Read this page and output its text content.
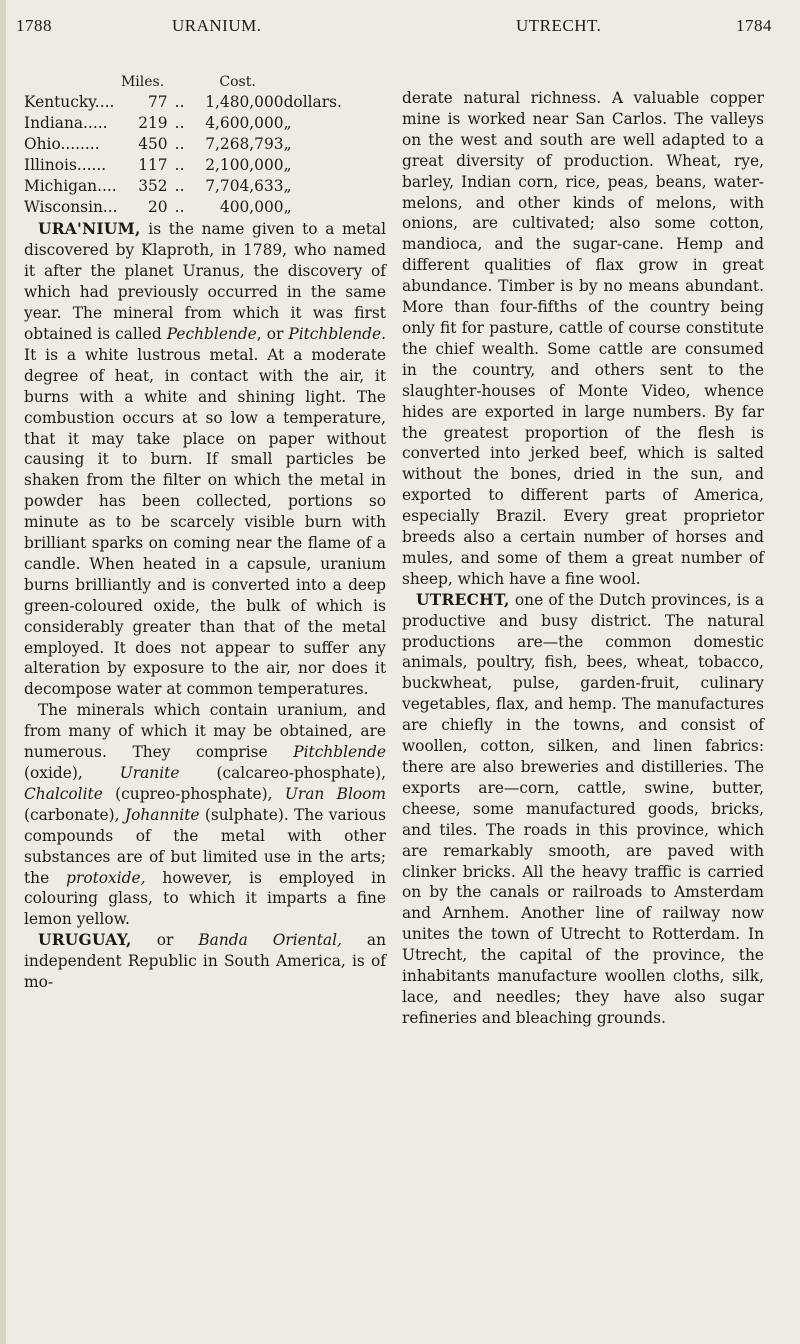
1788	URANIUM.	UTRECHT.	1784
	Miles.		Cost.	
Kentucky....	77	..	1,480,000	dollars.
Indiana.....	219	..	4,600,000	„
Ohio........	450	..	7,268,793	„
Illinois......	117	..	2,100,000	„
Michigan....	352	..	7,704,633	„
Wisconsin...	20	..	400,000	„

URA'NIUM, is the name given to a metal discovered by Klaproth, in 1789, who named it after the planet Uranus, the discovery of which had previously occurred in the same year. The mineral from which it was first obtained is called Pechblende, or Pitchblende. It is a white lustrous metal. At a moderate degree of heat, in contact with the air, it burns with a white and shining light. The combustion occurs at so low a temperature, that it may take place on paper without causing it to burn. If small particles be shaken from the filter on which the metal in powder has been collected, portions so minute as to be scarcely visible burn with brilliant sparks on coming near the flame of a candle. When heated in a capsule, uranium burns brilliantly and is converted into a deep green-coloured oxide, the bulk of which is considerably greater than that of the metal employed. It does not appear to suffer any alteration by exposure to the air, nor does it decompose water at common temperatures.

The minerals which contain uranium, and from many of which it may be obtained, are numerous. They comprise Pitchblende (oxide), Uranite (calcareo-phosphate), Chalcolite (cupreo-phosphate), Uran Bloom (carbonate), Johannite (sulphate). The various compounds of the metal with other substances are of but limited use in the arts; the protoxide, however, is employed in colouring glass, to which it imparts a fine lemon yellow.

URUGUAY, or Banda Oriental, an independent Republic in South America, is of mo-

derate natural richness. A valuable copper mine is worked near San Carlos. The valleys on the west and south are well adapted to a great diversity of production. Wheat, rye, barley, Indian corn, rice, peas, beans, water-melons, and other kinds of melons, with onions, are cultivated; also some cotton, mandioca, and the sugar-cane. Hemp and different qualities of flax grow in great abundance. Timber is by no means abundant. More than four-fifths of the country being only fit for pasture, cattle of course constitute the chief wealth. Some cattle are consumed in the country, and others sent to the slaughter-houses of Monte Video, whence hides are exported in large numbers. By far the greatest proportion of the flesh is converted into jerked beef, which is salted without the bones, dried in the sun, and exported to different parts of America, especially Brazil. Every great proprietor breeds also a certain number of horses and mules, and some of them a great number of sheep, which have a fine wool.

UTRECHT, one of the Dutch provinces, is a productive and busy district. The natural productions are—the common domestic animals, poultry, fish, bees, wheat, tobacco, buckwheat, pulse, garden-fruit, culinary vegetables, flax, and hemp. The manufactures are chiefly in the towns, and consist of woollen, cotton, silken, and linen fabrics: there are also breweries and distilleries. The exports are—corn, cattle, swine, butter, cheese, some manufactured goods, bricks, and tiles. The roads in this province, which are remarkably smooth, are paved with clinker bricks. All the heavy traffic is carried on by the canals or railroads to Amsterdam and Arnhem. Another line of railway now unites the town of Utrecht to Rotterdam. In Utrecht, the capital of the province, the inhabitants manufacture woollen cloths, silk, lace, and needles; they have also sugar refineries and bleaching grounds.
